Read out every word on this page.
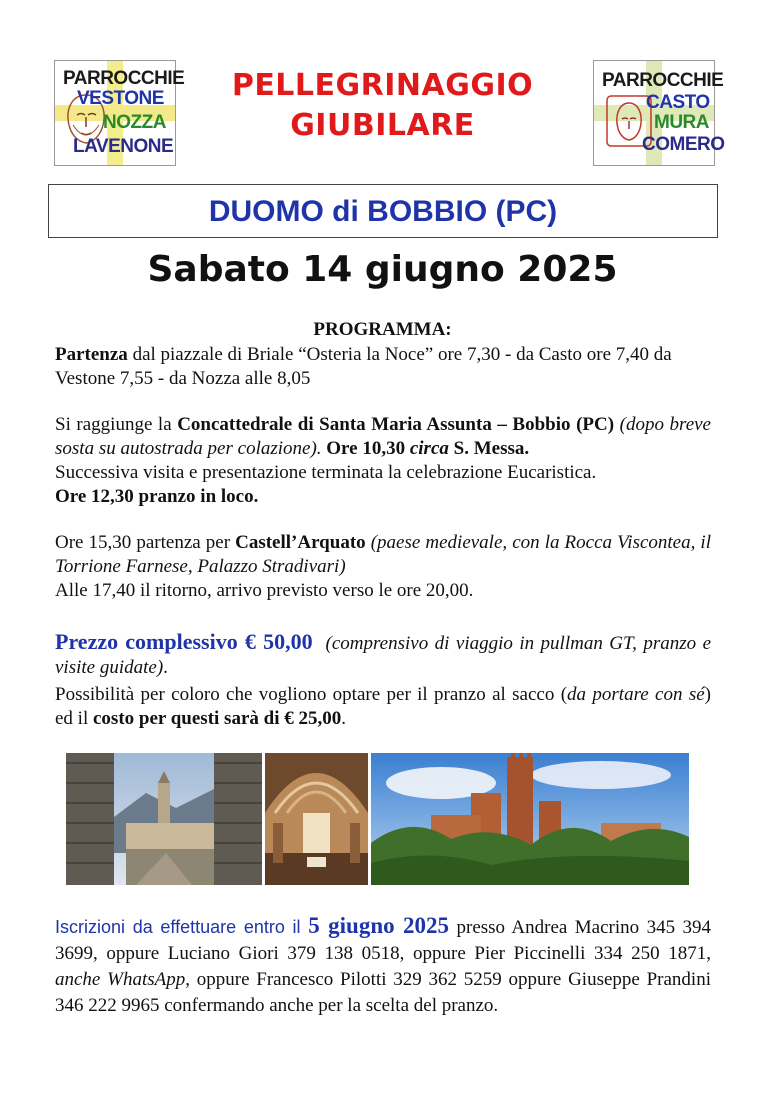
PARROCCHIE
VESTONE
NOZZA
LAVENONE
PELLEGRINAGGIO
GIUBILARE
PARROCCHIE
CASTO
MURA
COMERO
DUOMO di BOBBIO (PC)
Sabato 14 giugno 2025
PROGRAMMA:
Partenza dal piazzale di Briale “Osteria la Noce” ore 7,30 - da Casto ore 7,40 da Vestone 7,55 - da Nozza alle 8,05
Si raggiunge la Concattedrale di Santa Maria Assunta – Bobbio (PC) (dopo breve sosta su autostrada per colazione). Ore 10,30 circa S. Messa.
Successiva visita e presentazione terminata la celebrazione Eucaristica.
Ore 12,30 pranzo in loco.
Ore 15,30 partenza per Castell’Arquato (paese medievale, con la Rocca Viscontea, il Torrione Farnese, Palazzo Stradivari)
Alle 17,40 il ritorno, arrivo previsto verso le ore 20,00.
Prezzo complessivo € 50,00 (comprensivo di viaggio in pullman GT, pranzo e visite guidate).
Possibilità per coloro che vogliono optare per il pranzo al sacco (da portare con sé) ed il costo per questi sarà di € 25,00.
Iscrizioni da effettuare entro il 5 giugno 2025 presso Andrea Macrino 345 394 3699, oppure Luciano Giori 379 138 0518, oppure Pier Piccinelli 334 250 1871, anche WhatsApp, oppure Francesco Pilotti 329 362 5259 oppure Giuseppe Prandini 346 222 9965 confermando anche per la scelta del pranzo.
